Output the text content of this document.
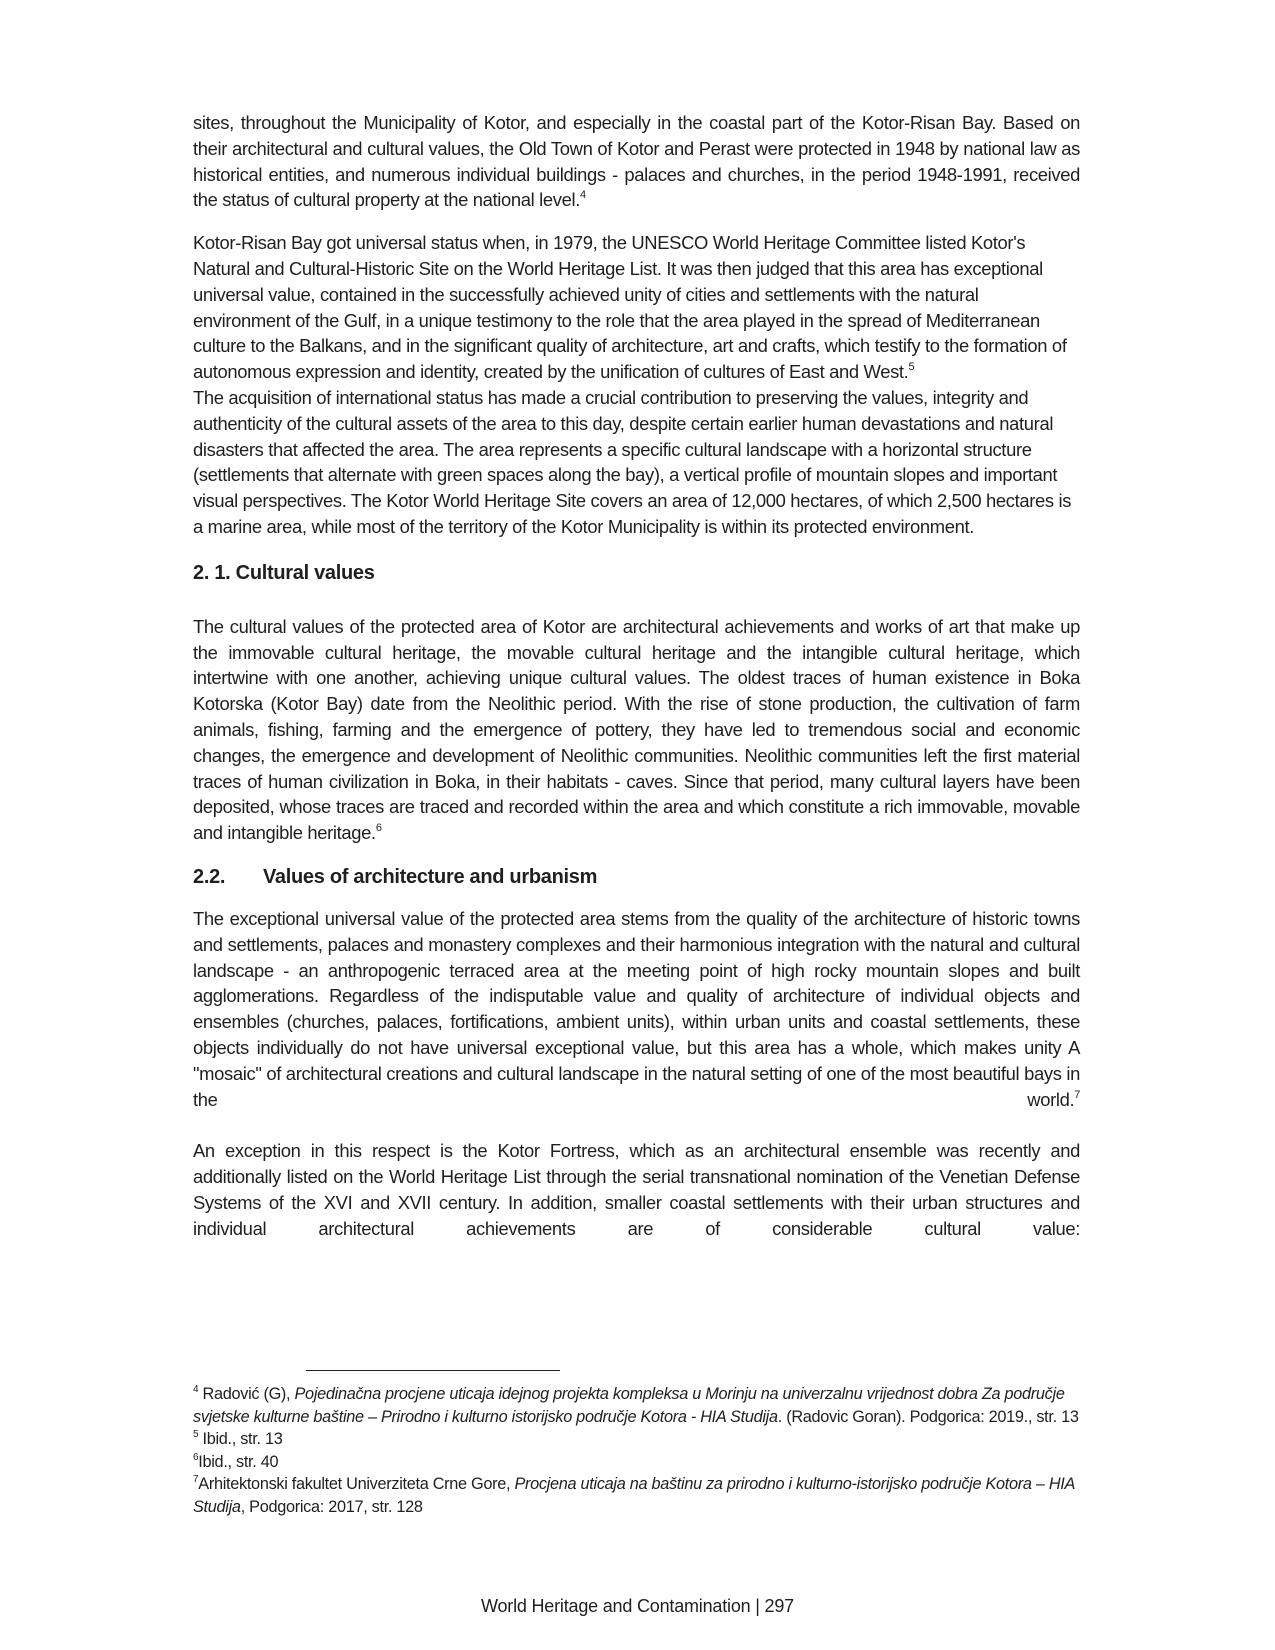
sites, throughout the Municipality of Kotor, and especially in the coastal part of the Kotor-Risan Bay. Based on their architectural and cultural values, the Old Town of Kotor and Perast were protected in 1948 by national law as historical entities, and numerous individual buildings - palaces and churches, in the period 1948-1991, received the status of cultural property at the national level.$^4$

Kotor-Risan Bay got universal status when, in 1979, the UNESCO World Heritage Committee listed Kotor's Natural and Cultural-Historic Site on the World Heritage List. It was then judged that this area has exceptional universal value, contained in the successfully achieved unity of cities and settlements with the natural environment of the Gulf, in a unique testimony to the role that the area played in the spread of Mediterranean culture to the Balkans, and in the significant quality of architecture, art and crafts, which testify to the formation of autonomous expression and identity, created by the unification of cultures of East and West.$^5$

The acquisition of international status has made a crucial contribution to preserving the values, integrity and authenticity of the cultural assets of the area to this day, despite certain earlier human devastations and natural disasters that affected the area. The area represents a specific cultural landscape with a horizontal structure (settlements that alternate with green spaces along the bay), a vertical profile of mountain slopes and important visual perspectives. The Kotor World Heritage Site covers an area of 12,000 hectares, of which 2,500 hectares is a marine area, while most of the territory of the Kotor Municipality is within its protected environment.

2. 1. Cultural values

The cultural values of the protected area of Kotor are architectural achievements and works of art that make up the immovable cultural heritage, the movable cultural heritage and the intangible cultural heritage, which intertwine with one another, achieving unique cultural values. The oldest traces of human existence in Boka Kotorska (Kotor Bay) date from the Neolithic period. With the rise of stone production, the cultivation of farm animals, fishing, farming and the emergence of pottery, they have led to tremendous social and economic changes, the emergence and development of Neolithic communities. Neolithic communities left the first material traces of human civilization in Boka, in their habitats - caves. Since that period, many cultural layers have been deposited, whose traces are traced and recorded within the area and which constitute a rich immovable, movable and intangible heritage.$^6$

2.2. Values of architecture and urbanism

The exceptional universal value of the protected area stems from the quality of the architecture of historic towns and settlements, palaces and monastery complexes and their harmonious integration with the natural and cultural landscape - an anthropogenic terraced area at the meeting point of high rocky mountain slopes and built agglomerations. Regardless of the indisputable value and quality of architecture of individual objects and ensembles (churches, palaces, fortifications, ambient units), within urban units and coastal settlements, these objects individually do not have universal exceptional value, but this area has a whole, which makes unity A "mosaic" of architectural creations and cultural landscape in the natural setting of one of the most beautiful bays in the world.$^7$

An exception in this respect is the Kotor Fortress, which as an architectural ensemble was recently and additionally listed on the World Heritage List through the serial transnational nomination of the Venetian Defense Systems of the XVI and XVII century. In addition, smaller coastal settlements with their urban structures and individual architectural achievements are of considerable cultural value:

$^4$ Radović (G), Pojedinačna procjene uticaja idejnog projekta kompleksa u Morinju na univerzalnu vrijednost dobra Za područje svjetske kulturne baštine – Prirodno i kulturno istorijsko područje Kotora - HIA Studija. (Radovic Goran). Podgorica: 2019., str. 13

$^5$ Ibid., str. 13

$^6$Ibid., str. 40

$^7$Arhitektonski fakultet Univerziteta Crne Gore, Procjena uticaja na baštinu za prirodno i kulturno-istorijsko područje Kotora – HIA Studija, Podgorica: 2017, str. 128

World Heritage and Contamination | 297
